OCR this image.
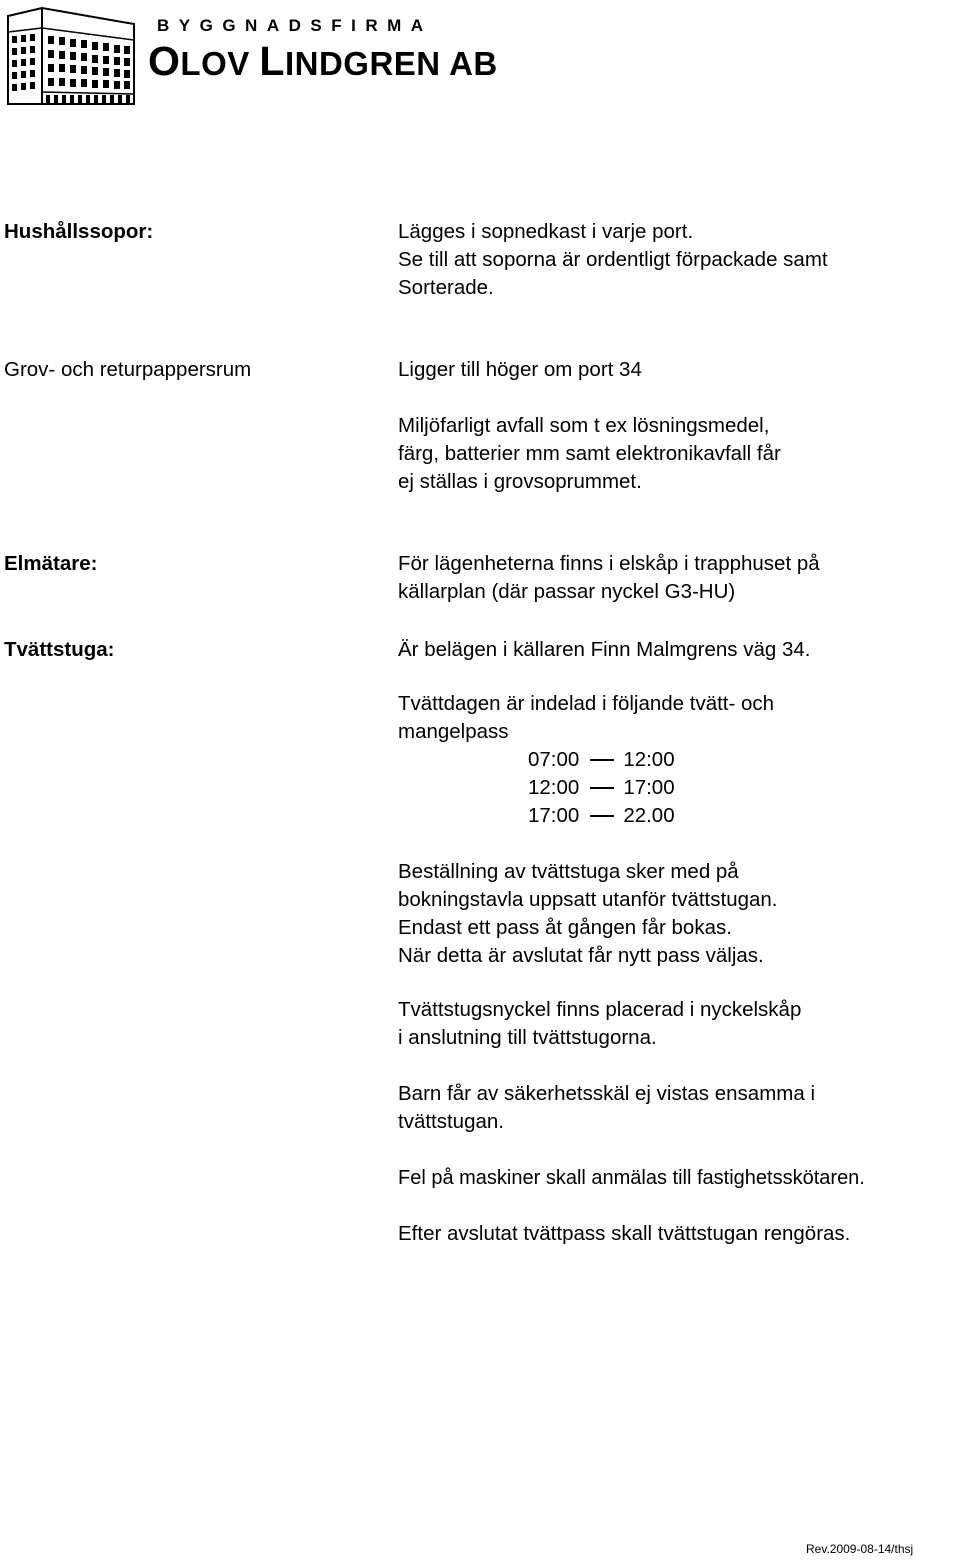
BYGGNADSFIRMA
OLOV LINDGREN AB
Hushållssopor:	Lägges i sopnedkast i varje port.
Se till att soporna är ordentligt förpackade samt
Sorterade.
Grov- och returpappersrum	Ligger till höger om port 34
Miljöfarligt avfall som t ex lösningsmedel,
färg, batterier mm samt elektronikavfall får
ej ställas i grovsoprummet.
Elmätare:	För lägenheterna finns i elskåp i trapphuset på
källarplan (där passar nyckel G3-HU)
Tvättstuga:	Är belägen i källaren Finn Malmgrens väg 34.
Tvättdagen är indelad i följande tvätt- och
mangelpass
07:00 12:00
12:00 17:00
17:00 22.00
Beställning av tvättstuga sker med på
bokningstavla uppsatt utanför tvättstugan.
Endast ett pass åt gången får bokas.
När detta är avslutat får nytt pass väljas.
Tvättstugsnyckel finns placerad i nyckelskåp
i anslutning till tvättstugorna.
Barn får av säkerhetsskäl ej vistas ensamma i
tvättstugan.
Fel på maskiner skall anmälas till fastighetsskötaren.
Efter avslutat tvättpass skall tvättstugan rengöras.
Rev.2009-08-14/thsj
